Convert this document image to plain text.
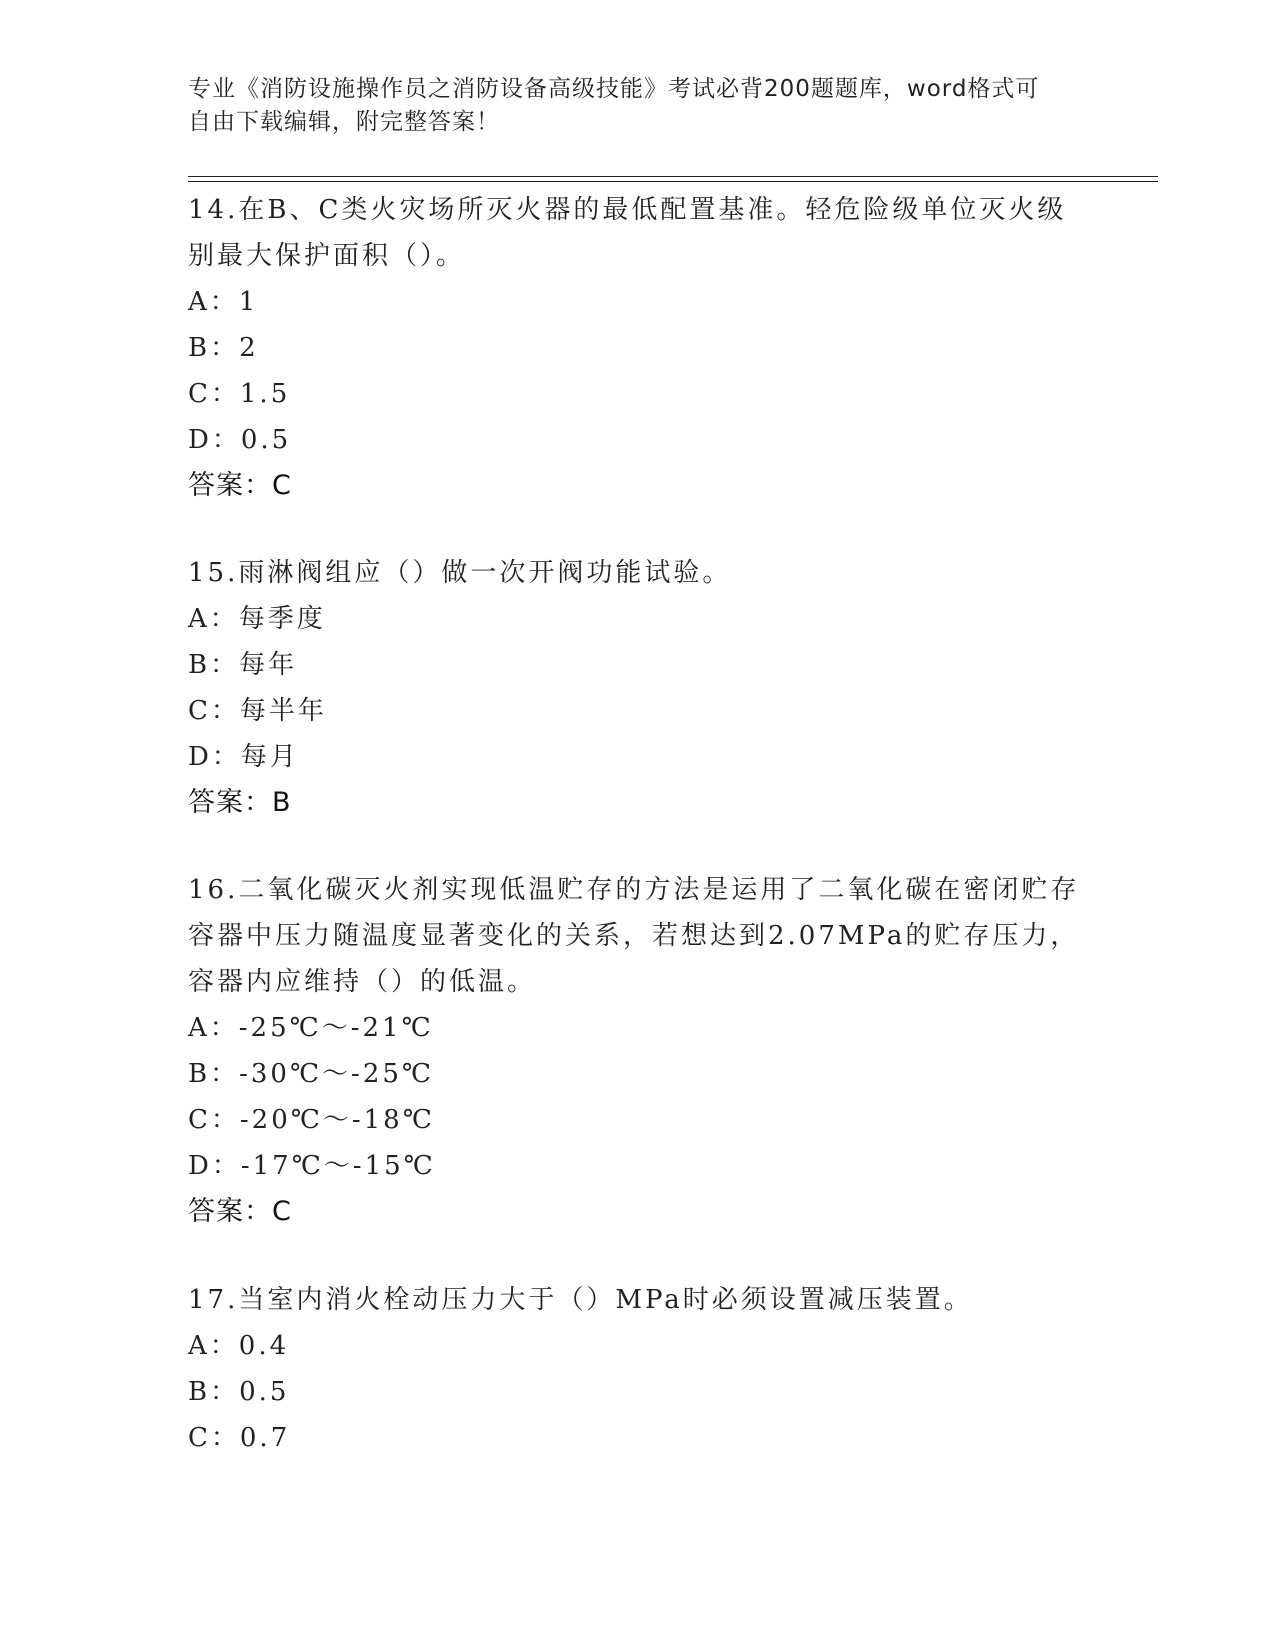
专业《消防设施操作员之消防设备高级技能》考试必背200题题库，word格式可
自由下载编辑，附完整答案！

14.在B、C类火灾场所灭火器的最低配置基准。轻危险级单位灭火级

别最大保护面积（）。

A：1

B：2

C：1.5

D：0.5

答案：C

15.雨淋阀组应（）做一次开阀功能试验。

A：每季度

B：每年

C：每半年

D：每月

答案：B

16.二氧化碳灭火剂实现低温贮存的方法是运用了二氧化碳在密闭贮存

容器中压力随温度显著变化的关系，若想达到2.07MPa的贮存压力，

容器内应维持（）的低温。

A：-25℃～-21℃

B：-30℃～-25℃

C：-20℃～-18℃

D：-17℃～-15℃

答案：C

17.当室内消火栓动压力大于（）MPa时必须设置减压装置。

A：0.4

B：0.5

C：0.7
